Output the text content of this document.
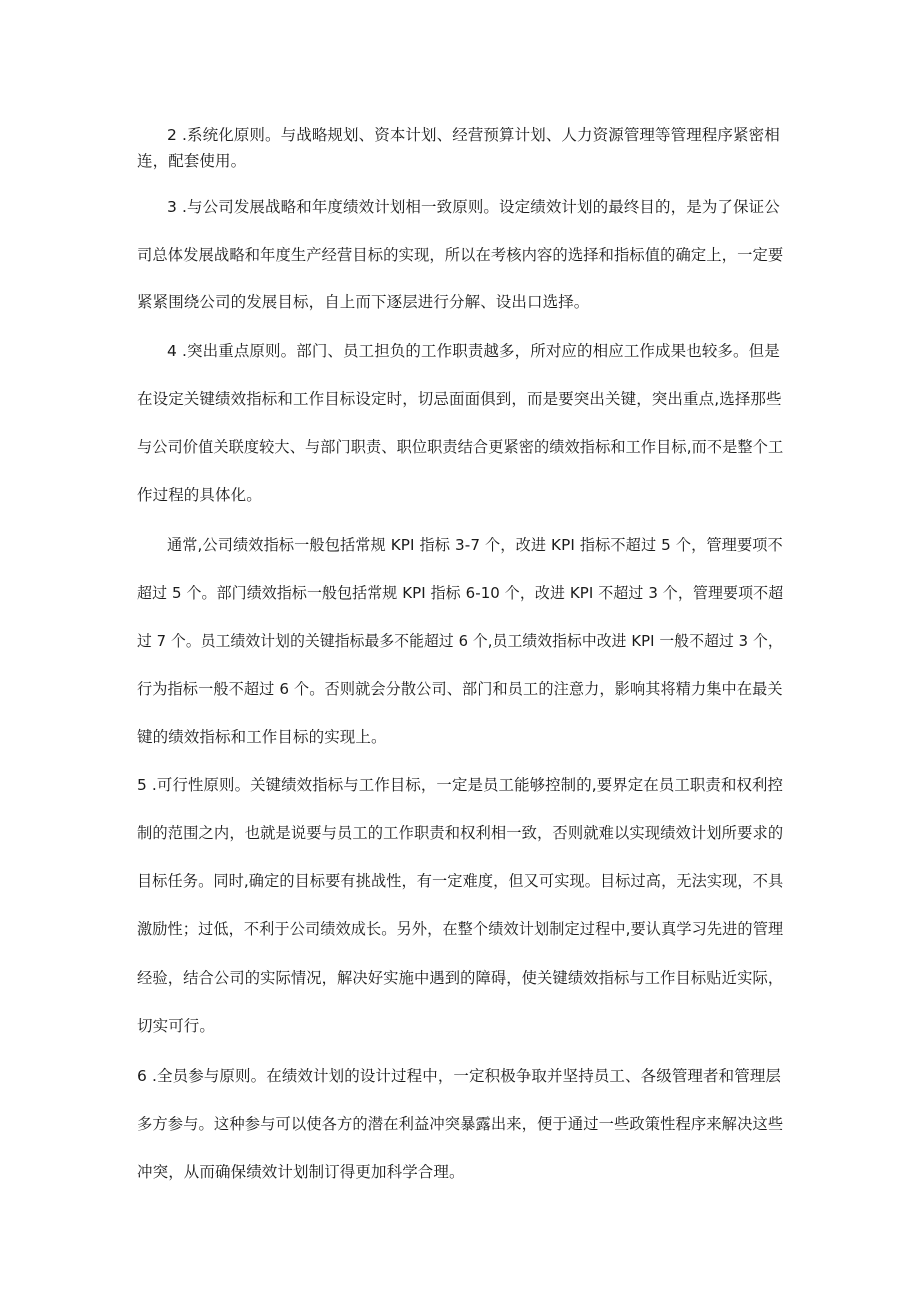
2 .系统化原则。与战略规划、资本计划、经营预算计划、人力资源管理等管理程序紧密相
连，配套使用。
3 .与公司发展战略和年度绩效计划相一致原则。设定绩效计划的最终目的，是为了保证公
司总体发展战略和年度生产经营目标的实现，所以在考核内容的选择和指标值的确定上，一定要
紧紧围绕公司的发展目标，自上而下逐层进行分解、设出口选择。
4 .突出重点原则。部门、员工担负的工作职责越多，所对应的相应工作成果也较多。但是
在设定关键绩效指标和工作目标设定时，切忌面面俱到，而是要突出关键，突出重点,选择那些
与公司价值关联度较大、与部门职责、职位职责结合更紧密的绩效指标和工作目标,而不是整个工
作过程的具体化。
通常,公司绩效指标一般包括常规 KPI 指标 3-7 个，改进 KPI 指标不超过 5 个，管理要项不
超过 5 个。部门绩效指标一般包括常规 KPI 指标 6-10 个，改进 KPI 不超过 3 个，管理要项不超
过 7 个。员工绩效计划的关键指标最多不能超过 6 个,员工绩效指标中改进 KPI 一般不超过 3 个，
行为指标一般不超过 6 个。否则就会分散公司、部门和员工的注意力，影响其将精力集中在最关
键的绩效指标和工作目标的实现上。
5 .可行性原则。关键绩效指标与工作目标，一定是员工能够控制的,要界定在员工职责和权利控
制的范围之内，也就是说要与员工的工作职责和权利相一致，否则就难以实现绩效计划所要求的
目标任务。同时,确定的目标要有挑战性，有一定难度，但又可实现。目标过高，无法实现，不具
激励性；过低，不利于公司绩效成长。另外，在整个绩效计划制定过程中,要认真学习先进的管理
经验，结合公司的实际情况，解决好实施中遇到的障碍，使关键绩效指标与工作目标贴近实际，
切实可行。
6 .全员参与原则。在绩效计划的设计过程中，一定积极争取并坚持员工、各级管理者和管理层
多方参与。这种参与可以使各方的潜在利益冲突暴露出来，便于通过一些政策性程序来解决这些
冲突，从而确保绩效计划制订得更加科学合理。
